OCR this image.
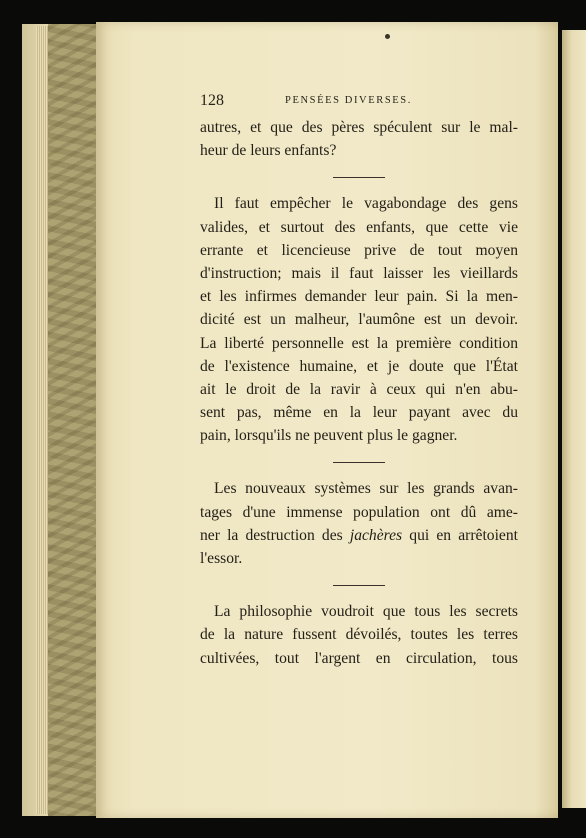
128	PENSÉES DIVERSES.
autres, et que des pères spéculent sur le mal-
heur de leurs enfants?
Il faut empêcher le vagabondage des gens
valides, et surtout des enfants, que cette vie
errante et licencieuse prive de tout moyen
d'instruction; mais il faut laisser les vieillards
et les infirmes demander leur pain. Si la men-
dicité est un malheur, l'aumône est un devoir.
La liberté personnelle est la première condition
de l'existence humaine, et je doute que l'État
ait le droit de la ravir à ceux qui n'en abu-
sent pas, même en la leur payant avec du
pain, lorsqu'ils ne peuvent plus le gagner.
Les nouveaux systèmes sur les grands avan-
tages d'une immense population ont dû ame-
ner la destruction des jachères qui en arrêtoient
l'essor.
La philosophie voudroit que tous les secrets
de la nature fussent dévoilés, toutes les terres
cultivées, tout l'argent en circulation, tous
